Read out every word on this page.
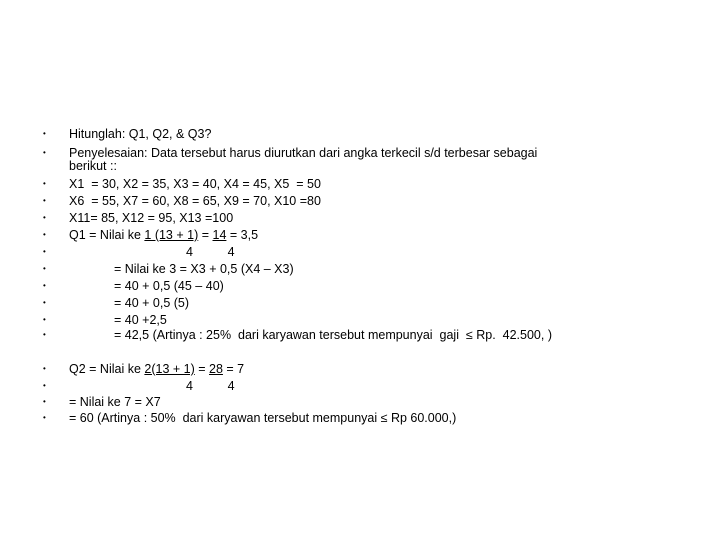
•

Hitunglah: Q1, Q2, & Q3?

•

Penyelesaian: Data tersebut harus diurutkan dari angka terkecil s/d terbesar sebagai

berikut ::

•

X1  = 30, X2 = 35, X3 = 40, X4 = 45, X5  = 50

•

X6  = 55, X7 = 60, X8 = 65, X9 = 70, X10 =80

•

X11= 85, X12 = 95, X13 =100

•

Q1 = Nilai ke 1 (13 + 1) = 14 = 3,5

•

	4          4

•

	= Nilai ke 3 = X3 + 0,5 (X4 – X3)

•

	= 40 + 0,5 (45 – 40)

•

	= 40 + 0,5 (5)

•

	= 40 +2,5

•

	= 42,5 (Artinya : 25%  dari karyawan tersebut mempunyai  gaji  ≤ Rp.  42.500, )

•

Q2 = Nilai ke 2(13 + 1) = 28 = 7

•

	4          4

•

= Nilai ke 7 = X7

•

= 60 (Artinya : 50%  dari karyawan tersebut mempunyai ≤ Rp 60.000,)
